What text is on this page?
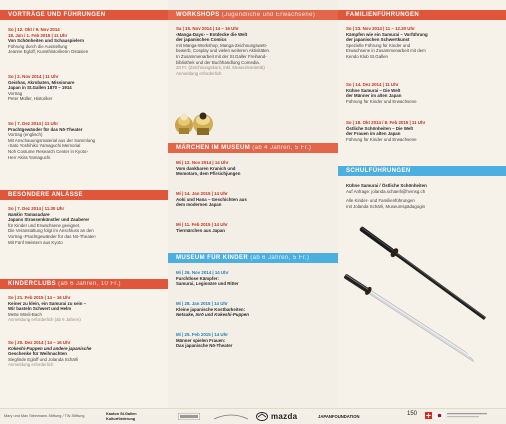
VORTRÄGE UND FÜHRUNGEN
So | 12. Okt / 9. Nov 2014
18. Jan / 1. Feb 2015 | 11 Uhr
Von Schönheiten und Schauspielern
Führung durch die Ausstellung
Jeanne Egloff, Kunsthistorikerin Ostasien
So | 2. Nov 2014 | 11 Uhr
Geishas, Akrobaten, Missionare
Japan in St.Gallen 1870 – 1914
Vortrag
Peter Müller, Historiker
So | 7. Dez 2014 | 11 Uhr
Prachtgewänder für das Nō-Theater
Vortrag (englisch)
Mit Anschauungsmaterial aus der Sammlung
‹Sato Yoshihiko Yamaguchi Memorial
Noh Costume Research Center in Kyoto›
Herr Akira Yamaguchi
BESONDERE ANLÄSSE
So | 7. Dez 2014 | 11.30 Uhr
Nankin Tamasudare
Japans Strassenkünstler und Zauberer
für Kinder und Erwachsene geeignet.
Die Veranstaltung folgt im Anschluss an den
Vortrag ‹Prachtgewänder für das Nō-Theater›
Mit Fünf Meistern aus Kyoto
KINDERCLUBS (ab 6 Jahren, 10 Fr.)
So | 21. Feb 2015 | 14 – 16 Uhr
Keiner zu klein, ein Samurai zu sein –
Wir basteln Schwert und Helm
Mette Mösli-Bach
Anmeldung erforderlich (ab 6 Jahren)
So | 20. Dez 2014 | 14 – 16 Uhr
Kokeshi-Puppen und andere japanische
Geschenke für Weihnachten
Sieglinde Egloff und Jolanda Schärli
Anmeldung erforderlich
WORKSHOPS (Jugendliche und Erwachsene)
Sa | 15. Nov 2014 | 14 – 16 Uhr
‹Manga-Days› – Entdecke die Welt
der japanischen Comics
mit Manga-Workshop, Manga-Zeichnungswett-
bewerb, Cosplay und vielen weiteren Aktivitäten.
In Zusammenarbeit mit der St.Galler Freihand-
bibliothek und der Buchhandlung Comedia.
20 Fr. (Zeichnungskurs, inkl. Museumseintritt)
Anmeldung erforderlich
MÄRCHEN IM MUSEUM (ab 4 Jahren, 5 Fr.)
Mi | 12. Nov 2014 | 14 Uhr
Vom dankbaren Kranich und
Momotaro, dem Pfirsichjungen
Mi | 14. Jan 2015 | 14 Uhr
Aoki und Hana – Geschichten aus
dem modernen Japan
Mi | 11. Feb 2015 | 14 Uhr
Tiermärchen aus Japan
MUSEUM FÜR KINDER (ab 6 Jahren, 5 Fr.)
Mi | 26. Nov 2014 | 14 Uhr
Furchtlose Kämpfer:
Samurai, Legionäre und Ritter
Mi | 28. Jan 2015 | 14 Uhr
Kleine japanische Kostbarkeiten:
Netsuke, Inrō und Kokeshi-Puppen
Mi | 25. Feb 2015 | 14 Uhr
Männer spielen Frauen:
Das japanische Nō-Theater
FAMILIENFÜHRUNGEN
So | 23. Nov 2014 | 11 – 12.30 Uhr
Kämpfen wie ein Samurai – Vorführung
der japanischen Schwertkunst
Spezielle Führung für Kinder und
Erwachsene in Zusammenarbeit mit dem
Kendo Klub St.Gallen
So | 14. Dez 2014 | 11 Uhr
Kühne Samurai – Die Welt
der Männer im alten Japan
Führung für Kinder und Erwachsene
So | 18. Okt 2014 / 8. Feb 2015 | 11 Uhr
Östliche Schönheiten – Die Welt
der Frauen im alten Japan
Führung für Kinder und Erwachsene
SCHULFÜHRUNGEN
Kühne Samurai / Östliche Schönheiten
Auf Anfrage: jolanda.schaerli@hvmsg.ch
Alle Kinder- und Familienführungen
mit Jolanda Schärli, Museumspädagogin
Mary und Max Steinmann-Stiftung / TW-Stiftung	Kanton St.Gallen
Kulturförderung	mazda	JAPANFOUNDATION	150
